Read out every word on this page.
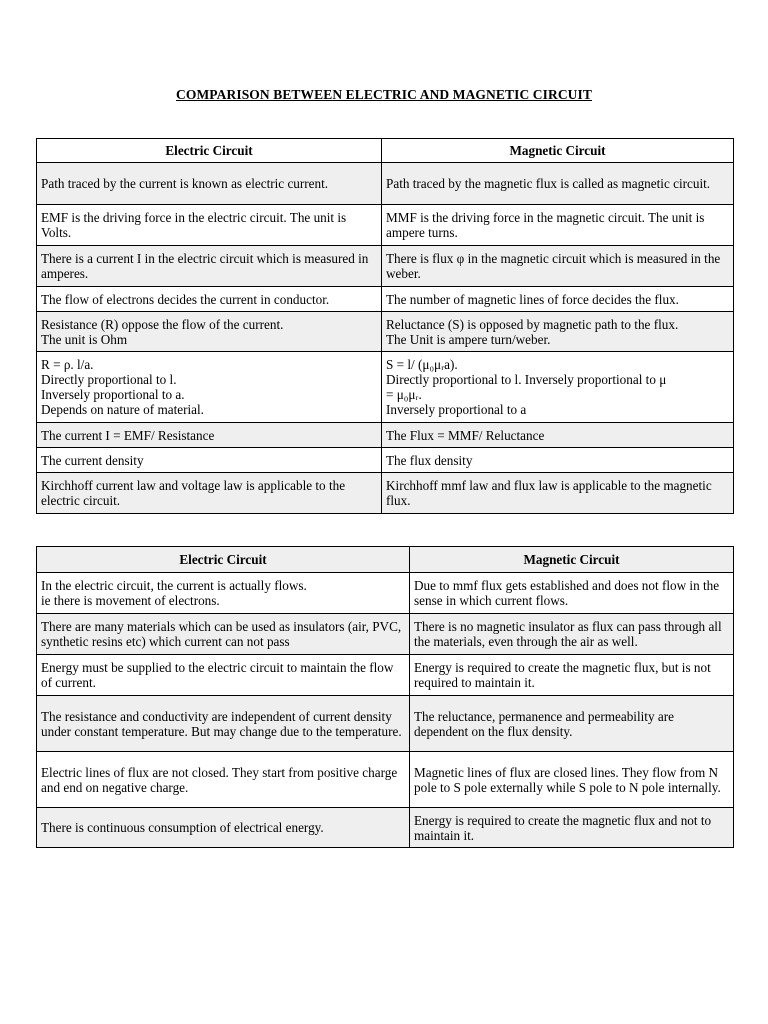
COMPARISON BETWEEN ELECTRIC AND MAGNETIC CIRCUIT
Electric Circuit	Magnetic Circuit

Path traced by the current is known as electric current.	Path traced by the magnetic flux is called as magnetic circuit.

EMF is the driving force in the electric circuit. The unit is Volts.	MMF is the driving force in the magnetic circuit. The unit is ampere turns.

There is a current I in the electric circuit which is measured in amperes.	There is flux φ in the magnetic circuit which is measured in the weber.

The flow of electrons decides the current in conductor.	The number of magnetic lines of force decides the flux.

Resistance (R) oppose the flow of the current.
The unit is Ohm	Reluctance (S) is opposed by magnetic path to the flux.
The Unit is ampere turn/weber.

R = ρ. l/a.
Directly proportional to l.
Inversely proportional to a.
Depends on nature of material.	S = l/ (μ₀μᵣa).
Directly proportional to l. Inversely proportional to μ
= μ₀μᵣ.
Inversely proportional to a

The current I = EMF/ Resistance	The Flux = MMF/ Reluctance

The current density	The flux density

Kirchhoff current law and voltage law is applicable to the electric circuit.	Kirchhoff mmf law and flux law is applicable to the magnetic flux.
Electric Circuit	Magnetic Circuit

In the electric circuit, the current is actually flows.
ie there is movement of electrons.	Due to mmf flux gets established and does not flow in the sense in which current flows.

There are many materials which can be used as insulators (air, PVC, synthetic resins etc) which current can not pass	There is no magnetic insulator as flux can pass through all the materials, even through the air as well.

Energy must be supplied to the electric circuit to maintain the flow of current.	Energy is required to create the magnetic flux, but is not required to maintain it.

The resistance and conductivity are independent of current density under constant temperature. But may change due to the temperature.	The reluctance, permanence and permeability are dependent on the flux density.

Electric lines of flux are not closed. They start from positive charge and end on negative charge.	Magnetic lines of flux are closed lines. They flow from N pole to S pole externally while S pole to N pole internally.

There is continuous consumption of electrical energy.	Energy is required to create the magnetic flux and not to maintain it.
